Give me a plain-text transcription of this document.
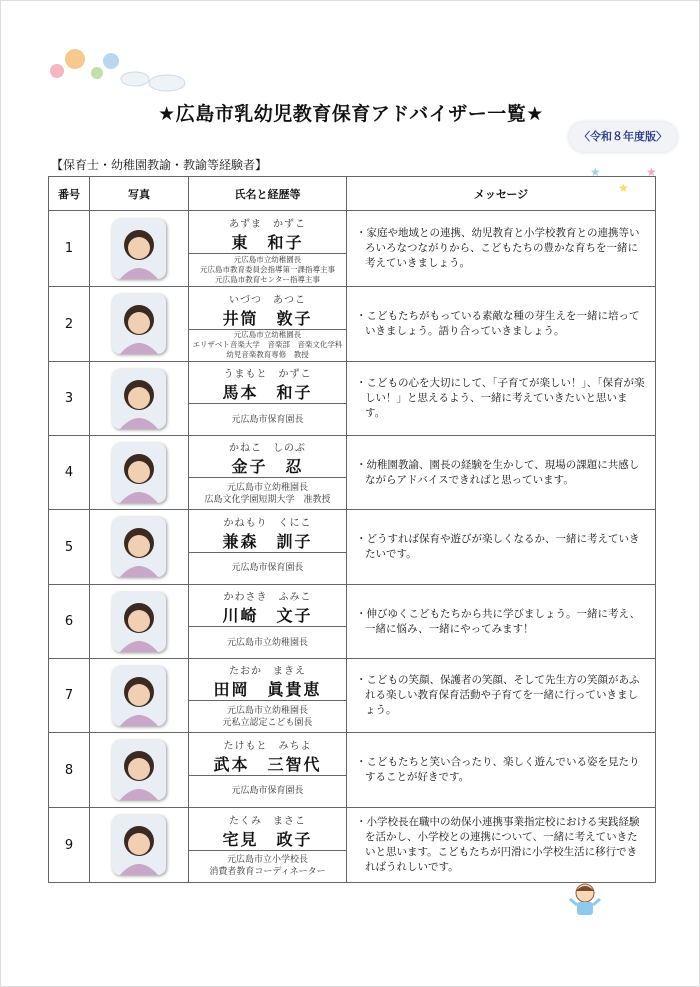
★広島市乳幼児教育保育アドバイザー一覧★
〈令和８年度版〉
★
★
★
【保育士・幼稚園教諭・教諭等経験者】
番号	写真	氏名と経歴等	メッセージ
1		あずま　かずこ
東　和子
元広島市立幼稚園長
元広島市教育委員会指導第一課指導主事
元広島市教育センター指導主事	・家庭や地域との連携、幼児教育と小学校教育との連携等いろいろなつながりから、こどもたちの豊かな育ちを一緒に考えていきましょう。
2		いづつ　あつこ
井筒　敦子
元広島市立幼稚園長
エリザベト音楽大学　音楽部　音楽文化学科
幼児音楽教育専修　教授	・こどもたちがもっている素敵な種の芽生えを一緒に培っていきましょう。語り合っていきましょう。
3		うまもと　かずこ
馬本　和子
元広島市保育園長	・こどもの心を大切にして、「子育てが楽しい！」、「保育が楽しい！」と思えるよう、一緒に考えていきたいと思います。
4		かねこ　しのぶ
金子　忍
元広島市立幼稚園長
広島文化学園短期大学　准教授	・幼稚園教諭、園長の経験を生かして、現場の課題に共感しながらアドバイスできればと思っています。
5		かねもり　くにこ
兼森　訓子
元広島市保育園長	・どうすれば保育や遊びが楽しくなるか、一緒に考えていきたいです。
6		かわさき　ふみこ
川崎　文子
元広島市立幼稚園長	・伸びゆくこどもたちから共に学びましょう。一緒に考え、一緒に悩み、一緒にやってみます！
7		たおか　まきえ
田岡　眞貴恵
元広島市立幼稚園長
元私立認定こども園長	・こどもの笑顔、保護者の笑顔、そして先生方の笑顔があふれる楽しい教育保育活動や子育てを一緒に行っていきましょう。
8		たけもと　みちよ
武本　三智代
元広島市保育園長	・こどもたちと笑い合ったり、楽しく遊んでいる姿を見たりすることが好きです。
9		たくみ　まさこ
宅見　政子
元広島市立小学校長
消費者教育コーディネーター	・小学校長在職中の幼保小連携事業指定校における実践経験を活かし、小学校との連携について、一緒に考えていきたいと思います。こどもたちが円滑に小学校生活に移行できればうれしいです。
